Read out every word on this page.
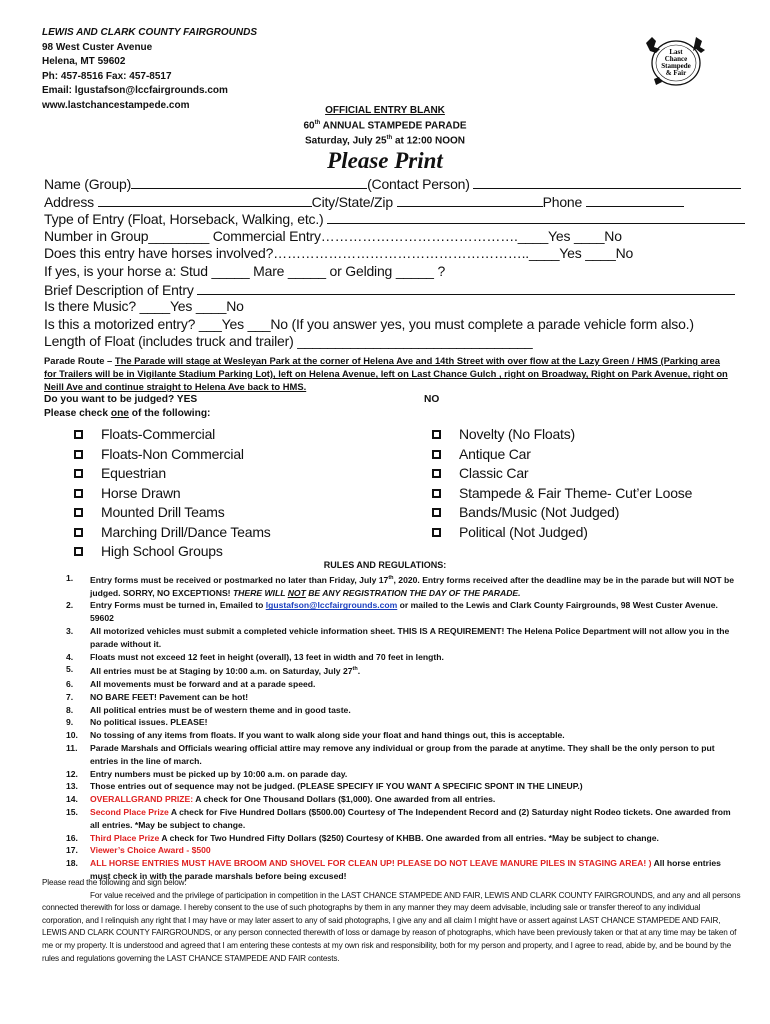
LEWIS AND CLARK COUNTY FAIRGROUNDS
98 West Custer Avenue
Helena, MT 59602
Ph: 457-8516 Fax: 457-8517
Email: lgustafson@lccfairgrounds.com
www.lastchancestampede.com
Last
Chance
Stampede
& Fair
OFFICIAL ENTRY BLANK
60th ANNUAL STAMPEDE PARADE
Saturday, July 25th at 12:00 NOON
Please Print
Name (Group)	(Contact Person)
Address	City/State/Zip	Phone
Type of Entry (Float, Horseback, Walking, etc.)
Number in Group________ Commercial Entry…………………………………….____Yes ____No
Does this entry have horses involved?………………………………………………..____Yes ____No
If yes, is your horse a: Stud _____ Mare _____ or Gelding _____ ?
Brief Description of Entry
Is there Music? ____Yes ____No
Is this a motorized entry? ___Yes ___No (If you answer yes, you must complete a parade vehicle form also.)
Length of Float (includes truck and trailer) _______________________________
Parade Route – The Parade will stage at Wesleyan Park at the corner of Helena Ave and 14th Street with over flow at the Lazy Green / HMS (Parking area for Trailers will be in Vigilante Stadium Parking Lot), left on Helena Avenue, left on Last Chance Gulch , right on Broadway, Right on Park Avenue, right on Neill Ave and continue straight to Helena Ave back to HMS.
Do you want to be judged? YES	NO
Please check one of the following:
Floats-Commercial
Floats-Non Commercial
Equestrian
Horse Drawn
Mounted Drill Teams
Marching Drill/Dance Teams
High School Groups
Novelty (No Floats)
Antique Car
Classic Car
Stampede & Fair Theme- Cut’er Loose
Bands/Music (Not Judged)
Political (Not Judged)
RULES AND REGULATIONS:
1.	Entry forms must be received or postmarked no later than Friday, July 17th, 2020. Entry forms received after the deadline may be in the parade but will NOT be judged. SORRY, NO EXCEPTIONS! THERE WILL NOT BE ANY REGISTRATION THE DAY OF THE PARADE.
2.	Entry Forms must be turned in, Emailed to lgustafson@lccfairgrounds.com or mailed to the Lewis and Clark County Fairgrounds, 98 West Custer Avenue. 59602
3.	All motorized vehicles must submit a completed vehicle information sheet. THIS IS A REQUIREMENT! The Helena Police Department will not allow you in the parade without it.
4.	Floats must not exceed 12 feet in height (overall), 13 feet in width and 70 feet in length.
5.	All entries must be at Staging by 10:00 a.m. on Saturday, July 27th.
6.	All movements must be forward and at a parade speed.
7.	NO BARE FEET! Pavement can be hot!
8.	All political entries must be of western theme and in good taste.
9.	No political issues. PLEASE!
10.	No tossing of any items from floats. If you want to walk along side your float and hand things out, this is acceptable.
11.	Parade Marshals and Officials wearing official attire may remove any individual or group from the parade at anytime. They shall be the only person to put entries in the line of march.
12.	Entry numbers must be picked up by 10:00 a.m. on parade day.
13.	Those entries out of sequence may not be judged. (PLEASE SPECIFY IF YOU WANT A SPECIFIC SPONT IN THE LINEUP.)
14.	OVERALLGRAND PRIZE: A check for One Thousand Dollars ($1,000). One awarded from all entries.
15.	Second Place Prize A check for Five Hundred Dollars ($500.00) Courtesy of The Independent Record and (2) Saturday night Rodeo tickets. One awarded from all entries. *May be subject to change.
16.	Third Place Prize A check for Two Hundred Fifty Dollars ($250) Courtesy of KHBB. One awarded from all entries. *May be subject to change.
17.	Viewer’s Choice Award - $500
18.	ALL HORSE ENTRIES MUST HAVE BROOM AND SHOVEL FOR CLEAN UP! PLEASE DO NOT LEAVE MANURE PILES IN STAGING AREA! ) All horse entries must check in with the parade marshals before being excused!

Please read the following and sign below:

For value received and the privilege of participation in competition in the LAST CHANCE STAMPEDE AND FAIR, LEWIS AND CLARK COUNTY FAIRGROUNDS, and any and all persons connected therewith for loss or damage. I hereby consent to the use of such photographs by them in any manner they may deem advisable, including sale or transfer thereof to any individual corporation, and I relinquish any right that I may have or may later assert to any of said photographs, I give any and all claim I might have or assert against LAST CHANCE STAMPEDE AND FAIR, LEWIS AND CLARK COUNTY FAIRGROUNDS, or any person connected therewith of loss or damage by reason of photographs, which have been previously taken or that at any time may be taken of me or my property. It is understood and agreed that I am entering these contests at my own risk and responsibility, both for my person and property, and I agree to read, abide by, and be bound by the rules and regulations governing the LAST CHANCE STAMPEDE AND FAIR contests.
